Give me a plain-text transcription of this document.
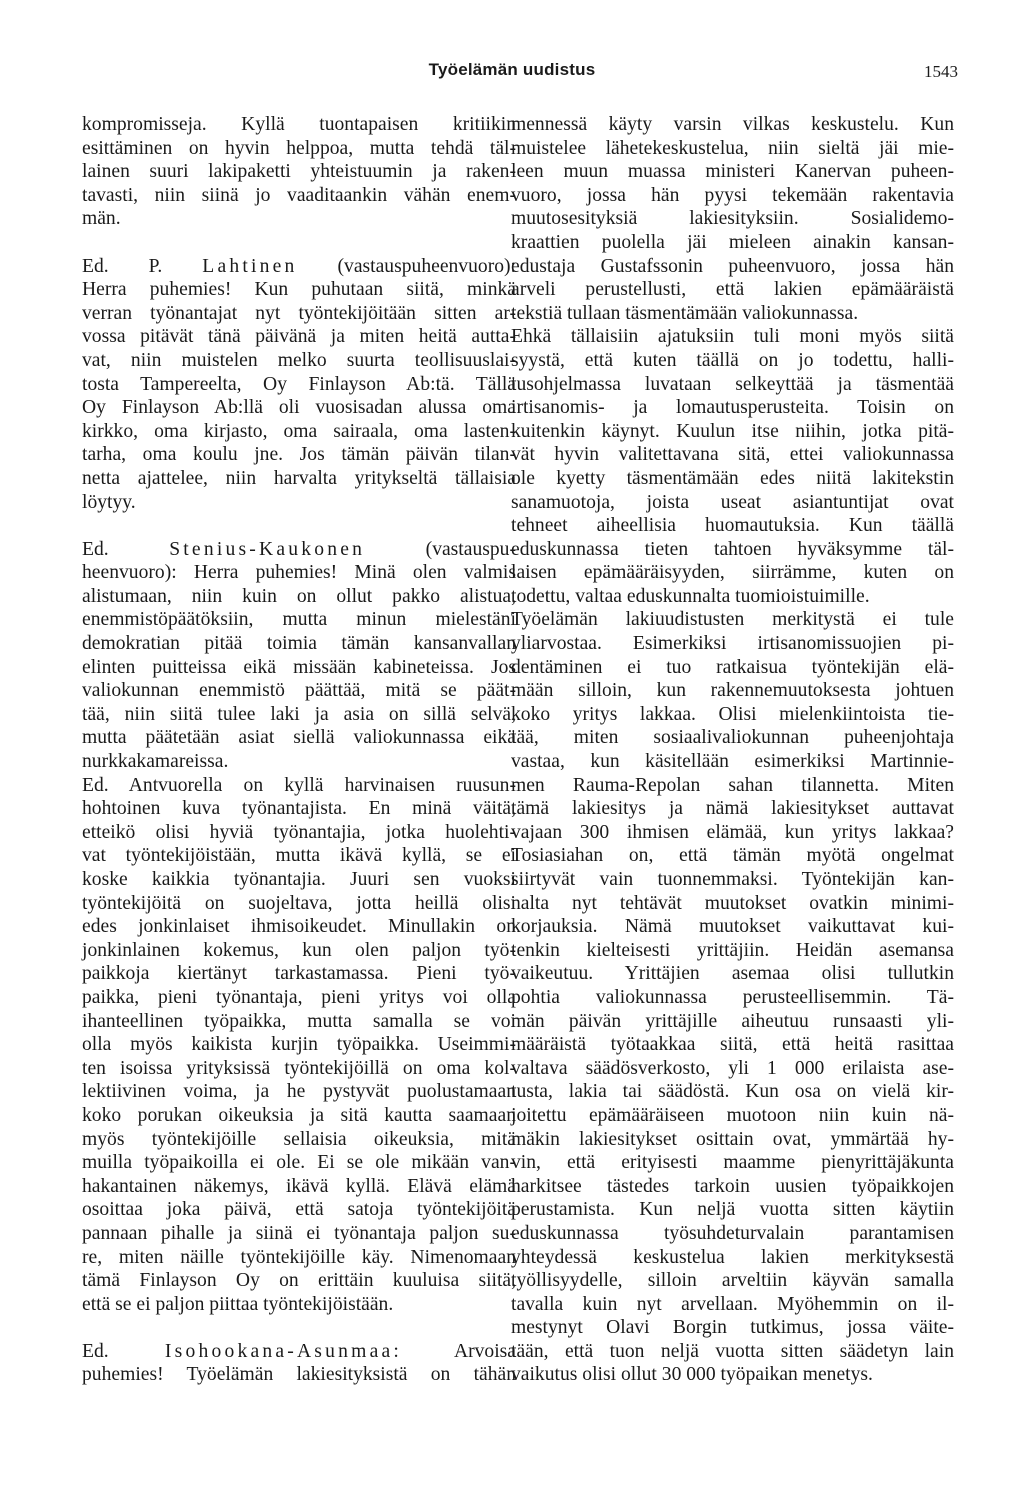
Työelämän uudistus	1543

kompromisseja. Kyllä tuontapaisen kritiikin
esittäminen on hyvin helppoa, mutta tehdä täl-
lainen suuri lakipaketti yhteistuumin ja raken-
tavasti, niin siinä jo vaaditaankin vähän enem-
män.

Ed. P. Lahtinen (vastauspuheenvuoro):
Herra puhemies! Kun puhutaan siitä, minkä
verran työnantajat nyt työntekijöitään sitten ar-
vossa pitävät tänä päivänä ja miten heitä autta-
vat, niin muistelen melko suurta teollisuuslai-
tosta Tampereelta, Oy Finlayson Ab:tä. Tällä
Oy Finlayson Ab:llä oli vuosisadan alussa oma
kirkko, oma kirjasto, oma sairaala, oma lasten-
tarha, oma koulu jne. Jos tämän päivän tilan-
netta ajattelee, niin harvalta yritykseltä tällaisia
löytyy.

Ed. Stenius-Kaukonen (vastauspu-
heenvuoro): Herra puhemies! Minä olen valmis
alistumaan, niin kuin on ollut pakko alistua,
enemmistöpäätöksiin, mutta minun mielestäni
demokratian pitää toimia tämän kansanvallan
elinten puitteissa eikä missään kabineteissa. Jos
valiokunnan enemmistö päättää, mitä se päät-
tää, niin siitä tulee laki ja asia on sillä selvä,
mutta päätetään asiat siellä valiokunnassa eikä
nurkkakamareissa.

Ed. Antvuorella on kyllä harvinaisen ruusun-
hohtoinen kuva työnantajista. En minä väitä,
etteikö olisi hyviä työnantajia, jotka huolehti-
vat työntekijöistään, mutta ikävä kyllä, se ei
koske kaikkia työnantajia. Juuri sen vuoksi
työntekijöitä on suojeltava, jotta heillä olisi
edes jonkinlaiset ihmisoikeudet. Minullakin on
jonkinlainen kokemus, kun olen paljon työ-
paikkoja kiertänyt tarkastamassa. Pieni työ-
paikka, pieni työnantaja, pieni yritys voi olla
ihanteellinen työpaikka, mutta samalla se voi
olla myös kaikista kurjin työpaikka. Useimmi-
ten isoissa yrityksissä työntekijöillä on oma kol-
lektiivinen voima, ja he pystyvät puolustamaan
koko porukan oikeuksia ja sitä kautta saamaan
myös työntekijöille sellaisia oikeuksia, mitä
muilla työpaikoilla ei ole. Ei se ole mikään van-
hakantainen näkemys, ikävä kyllä. Elävä elämä
osoittaa joka päivä, että satoja työntekijöitä
pannaan pihalle ja siinä ei työnantaja paljon su-
re, miten näille työntekijöille käy. Nimenomaan
tämä Finlayson Oy on erittäin kuuluisa siitä,
että se ei paljon piittaa työntekijöistään.

Ed. Isohookana-Asunmaa: Arvoisa
puhemies! Työelämän lakiesityksistä on tähän

mennessä käyty varsin vilkas keskustelu. Kun
muistelee lähetekeskustelua, niin sieltä jäi mie-
leen muun muassa ministeri Kanervan puheen-
vuoro, jossa hän pyysi tekemään rakentavia
muutosesityksiä lakiesityksiin. Sosialidemo-
kraattien puolella jäi mieleen ainakin kansan-
edustaja Gustafssonin puheenvuoro, jossa hän
arveli perustellusti, että lakien epämääräistä
tekstiä tullaan täsmentämään valiokunnassa.

Ehkä tällaisiin ajatuksiin tuli moni myös siitä
syystä, että kuten täällä on jo todettu, halli-
tusohjelmassa luvataan selkeyttää ja täsmentää
irtisanomis- ja lomautusperusteita. Toisin on
kuitenkin käynyt. Kuulun itse niihin, jotka pitä-
vät hyvin valitettavana sitä, ettei valiokunnassa
ole kyetty täsmentämään edes niitä lakitekstin
sanamuotoja, joista useat asiantuntijat ovat
tehneet aiheellisia huomautuksia. Kun täällä
eduskunnassa tieten tahtoen hyväksymme täl-
laisen epämääräisyyden, siirrämme, kuten on
todettu, valtaa eduskunnalta tuomioistuimille.

Työelämän lakiuudistusten merkitystä ei tule
yliarvostaa. Esimerkiksi irtisanomissuojien pi-
dentäminen ei tuo ratkaisua työntekijän elä-
mään silloin, kun rakennemuutoksesta johtuen
koko yritys lakkaa. Olisi mielenkiintoista tie-
tää, miten sosiaalivaliokunnan puheenjohtaja
vastaa, kun käsitellään esimerkiksi Martinnie-
men Rauma-Repolan sahan tilannetta. Miten
tämä lakiesitys ja nämä lakiesitykset auttavat
vajaan 300 ihmisen elämää, kun yritys lakkaa?
Tosiasiahan on, että tämän myötä ongelmat
siirtyvät vain tuonnemmaksi. Työntekijän kan-
nalta nyt tehtävät muutokset ovatkin minimi-
korjauksia. Nämä muutokset vaikuttavat kui-
tenkin kielteisesti yrittäjiin. Heidän asemansa
vaikeutuu. Yrittäjien asemaa olisi tullutkin
pohtia valiokunnassa perusteellisemmin. Tä-
män päivän yrittäjille aiheutuu runsaasti yli-
määräistä työtaakkaa siitä, että heitä rasittaa
valtava säädösverkosto, yli 1 000 erilaista ase-
tusta, lakia tai säädöstä. Kun osa on vielä kir-
joitettu epämääräiseen muotoon niin kuin nä-
mäkin lakiesitykset osittain ovat, ymmärtää hy-
vin, että erityisesti maamme pienyrittäjäkunta
harkitsee tästedes tarkoin uusien työpaikkojen
perustamista. Kun neljä vuotta sitten käytiin
eduskunnassa työsuhdeturvalain parantamisen
yhteydessä keskustelua lakien merkityksestä
työllisyydelle, silloin arveltiin käyvän samalla
tavalla kuin nyt arvellaan. Myöhemmin on il-
mestynyt Olavi Borgin tutkimus, jossa väite-
tään, että tuon neljä vuotta sitten säädetyn lain
vaikutus olisi ollut 30 000 työpaikan menetys.
